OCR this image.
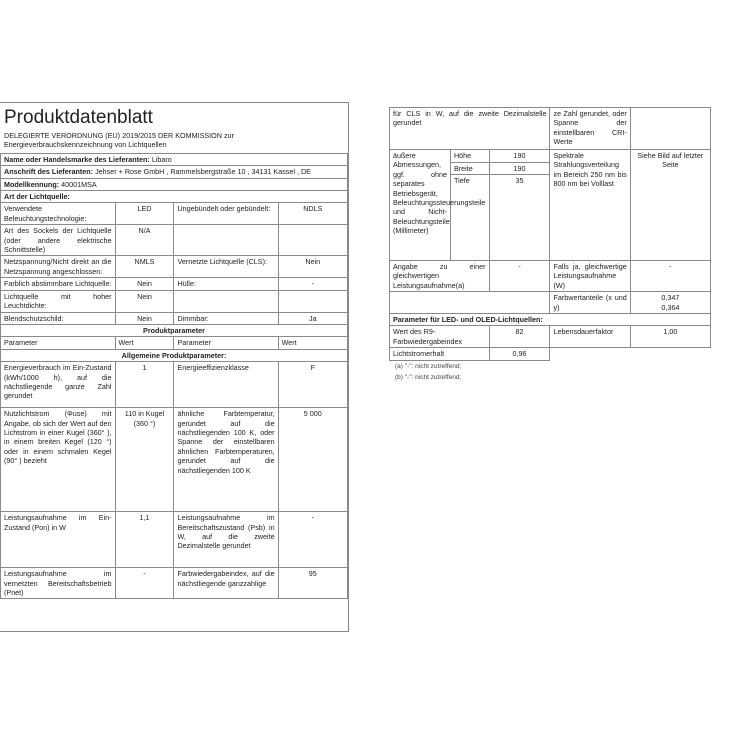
Produktdatenblatt
DELEGIERTE VERORDNUNG (EU) 2019/2015 DER KOMMISSION zur Energieverbrauchskennzeichnung von Lichtquellen
Name oder Handelsmarke des Lieferanten: Libaro			
Anschrift des Lieferanten: Jehser + Rose GmbH , Rammelsbergstraße 10 , 34131 Kassel , DE			
Modellkennung: 40001MSA			
Art der Lichtquelle:			
Verwendete Beleuchtungstechnologie:	LED	Ungebündelt oder gebündelt:	NDLS
Art des Sockels der Lichtquelle (oder andere elektrische Schnittstelle)	N/A		
Netzspannung/Nicht direkt an die Netzspannung angeschlossen:	NMLS	Vernetzte Lichtquelle (CLS):	Nein
Farblich abstimmbare Lichtquelle:	Nein	Hülle:	-
Lichtquelle mit hoher Leuchtdichte:	Nein		
Blendschutzschild:	Nein	Dimmbar:	Ja
Produktparameter			
Parameter	Wert	Parameter	Wert
Allgemeine Produktparameter:			
Energieverbrauch im Ein-Zustand (kWh/1000 h), auf die nächstliegende ganze Zahl gerundet	1	Energieeffizienzklasse	F
Nutzlichtstrom (Φuse) mit Angabe, ob sich der Wert auf den Lichtstrom in einer Kugel (360° ), in einem breiten Kegel (120 °) oder in einem schmalen Kegel (90° ) bezieht	110 in Kugel (360 °)	ähnliche Farbtemperatur, gerundet auf die nächstliegenden 100 K, oder Spanne der einstellbaren ähnlichen Farbtemperaturen, gerundet auf die nächstliegenden 100 K	5 000
Leistungsaufnahme im Ein-Zustand (Pon) in W	1,1	Leistungsaufnahme im Bereitschaftszustand (Psb) in W, auf die zweite Dezimalstelle gerundet	-
Leistungsaufnahme im vernetzten Bereitschaftsbetrieb (Pnet)	-	Farbwiedergabeindex, auf die nächstliegende ganzzahlige	95
für CLS in W, auf die zweite Dezimalstelle gerundet			ze Zahl gerundet, oder Spanne der einstellbaren CRI-Werte	
äußere Abmessungen, ggf. ohne separates Betriebsgerät, Beleuchtungssteuerungsteile und Nicht-Beleuchtungsteile (Millimeter)	Höhe	190	Spektrale Strahlungsverteilung im Bereich 250 nm bis 800 nm bei Volllast	Siehe Bild auf letzter Seite
	Breite	190		
	Tiefe	35		
Angabe zu einer gleichwertigen Leistungsaufnahme(a)		-	Falls ja, gleichwertige Leistungsaufnahme (W)	-
			Farbwertanteile (x und y)	0,347
0,364

Parameter für LED- und OLED-Lichtquellen:				
Wert des R9-Farbwiedergabeindex		82	Lebensdauerfaktor	1,00
Lichtstromerhalt		0,96		
(a) "-": nicht zutreffend;
(b) "-": nicht zutreffend;
